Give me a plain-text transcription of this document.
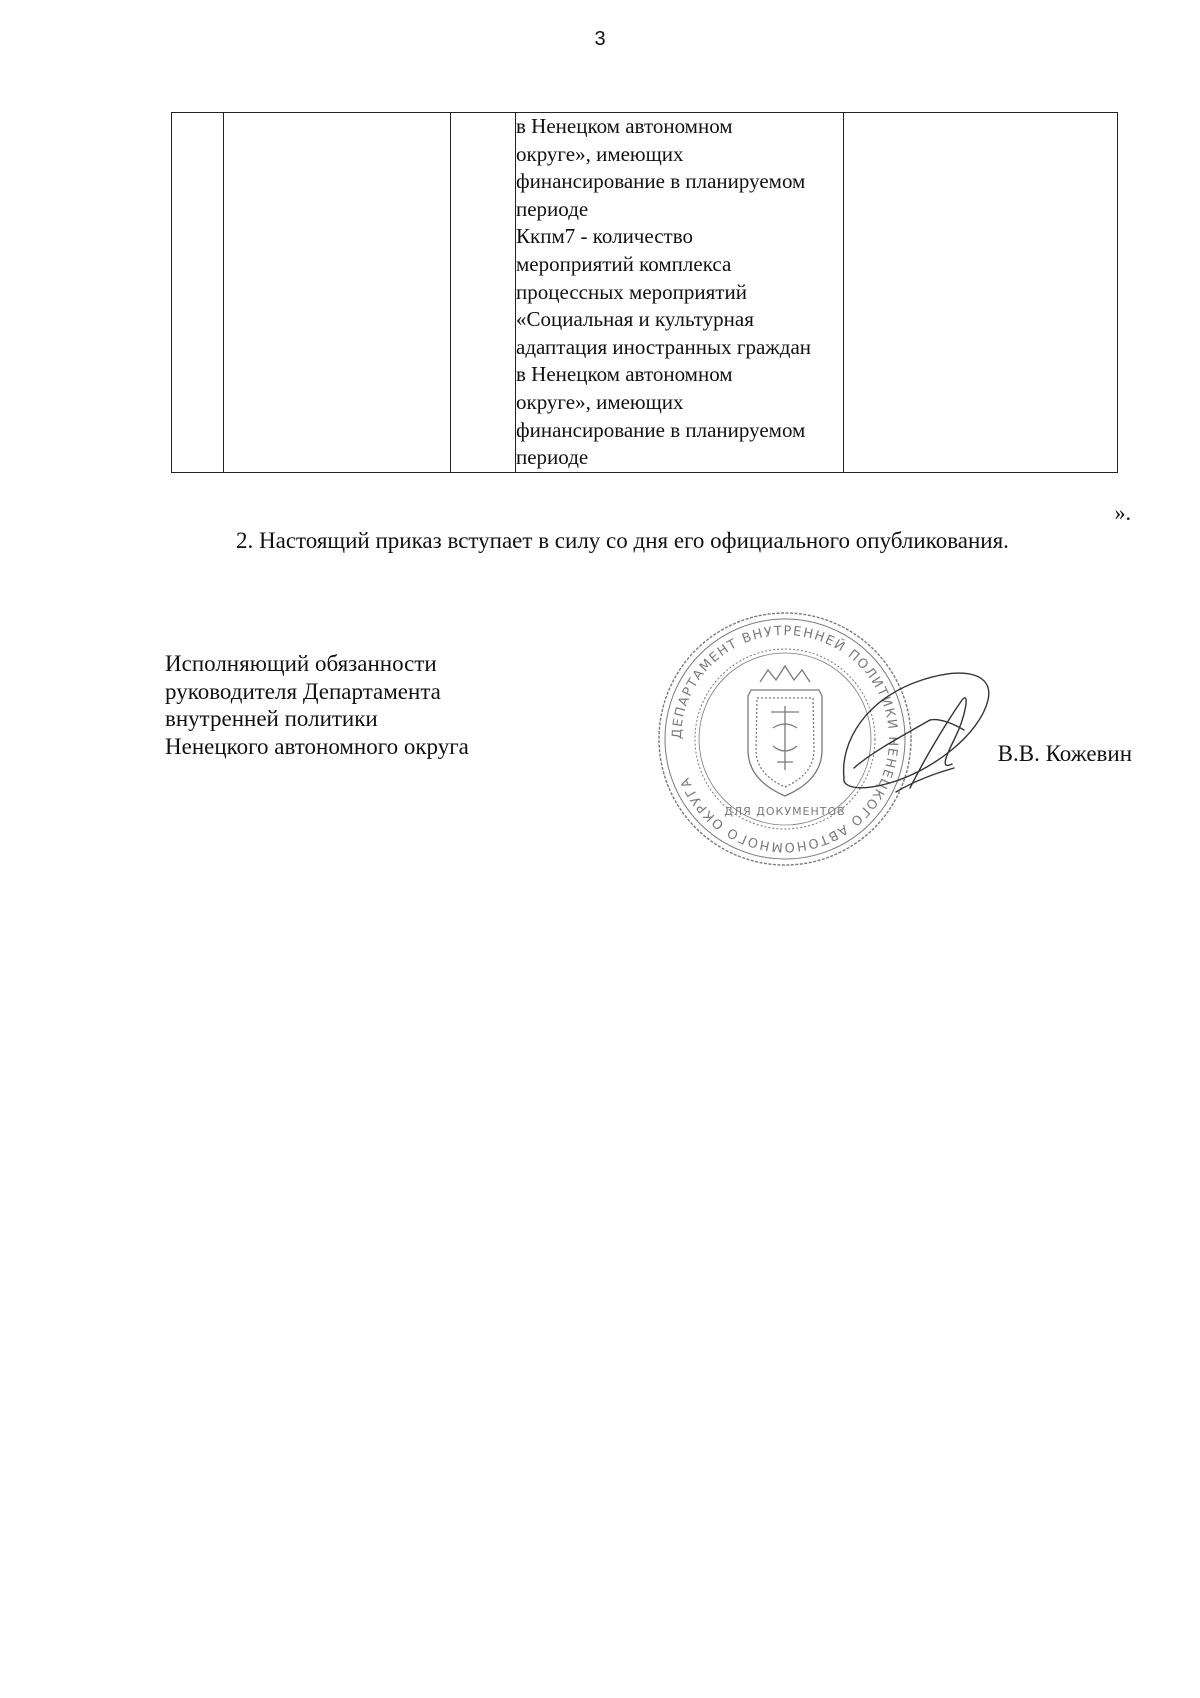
3

в Ненецком автономном
округе», имеющих
финансирование в планируемом
периоде
Ккпм7 - количество
мероприятий комплекса
процессных мероприятий
«Социальная и культурная
адаптация иностранных граждан
в Ненецком автономном
округе», имеющих
финансирование в планируемом
периоде

».
2. Настоящий приказ вступает в силу со дня его официального опубликования.
Исполняющий обязанности
руководителя Департамента
внутренней политики
Ненецкого автономного округа
ДЕПАРТАМЕНТ ВНУТРЕННЕЙ ПОЛИТИКИ НЕНЕЦКОГО АВТОНОМНОГО ОКРУГА
ДЛЯ ДОКУМЕНТОВ
В.В. Кожевин
